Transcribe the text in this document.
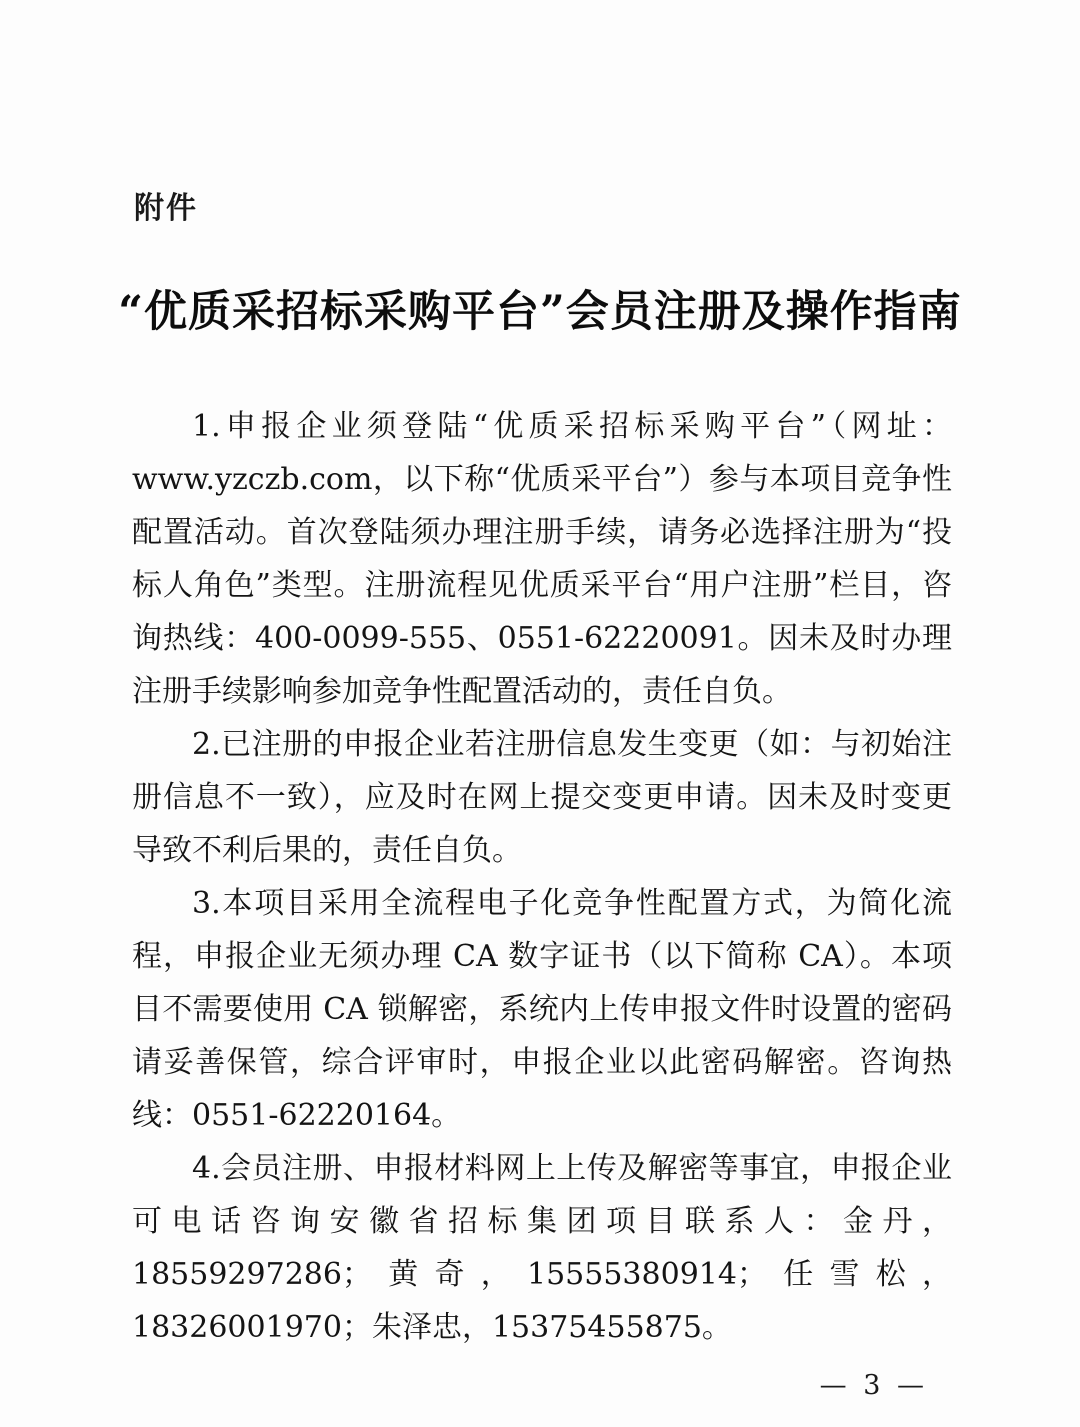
附件
“优质采招标采购平台”会员注册及操作指南

1.申报企业须登陆“优质采招标采购平台”（网址：www.yzczb.com，以下称“优质采平台”）参与本项目竞争性配置活动。首次登陆须办理注册手续，请务必选择注册为“投标人角色”类型。注册流程见优质采平台“用户注册”栏目，咨询热线：400-0099-555、0551-62220091。因未及时办理注册手续影响参加竞争性配置活动的，责任自负。

2.已注册的申报企业若注册信息发生变更（如：与初始注册信息不一致），应及时在网上提交变更申请。因未及时变更导致不利后果的，责任自负。

3.本项目采用全流程电子化竞争性配置方式，为简化流程，申报企业无须办理 CA 数字证书（以下简称 CA）。本项目不需要使用 CA 锁解密，系统内上传申报文件时设置的密码请妥善保管，综合评审时，申报企业以此密码解密。咨询热线：0551-62220164。

4.会员注册、申报材料网上上传及解密等事宜，申报企业可电话咨询安徽省招标集团项目联系人：金丹，18559297286；黄奇，15555380914；任雪松，18326001970；朱泽忠，15375455875。

— 3 —
